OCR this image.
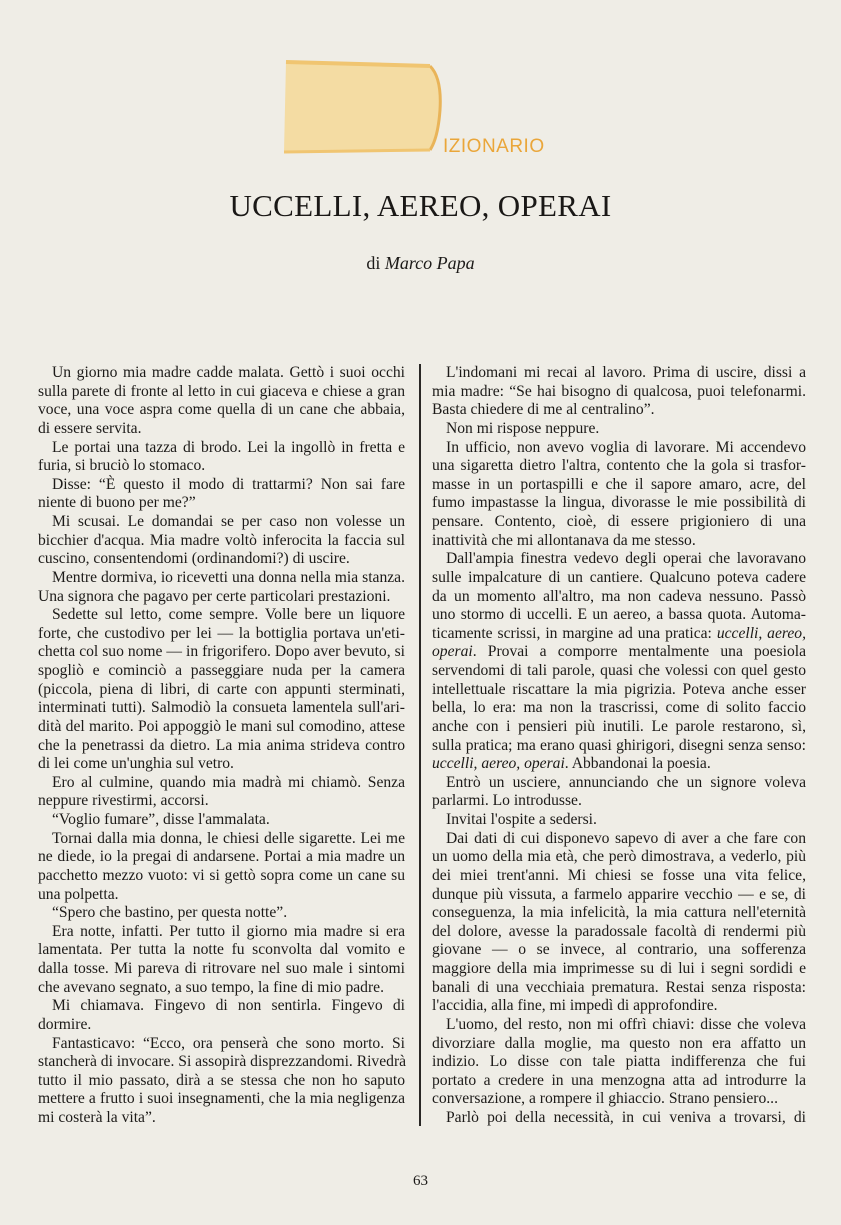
IZIONARIO
UCCELLI, AEREO, OPERAI
di Marco Papa
Un giorno mia madre cadde malata. Gettò i suoi occhi
sulla parete di fronte al letto in cui giaceva e chiese a gran
voce, una voce aspra come quella di un cane che abbaia,
di essere servita.
Le portai una tazza di brodo. Lei la ingollò in fretta e
furia, si bruciò lo stomaco.
Disse: “È questo il modo di trattarmi? Non sai fare
niente di buono per me?”
Mi scusai. Le domandai se per caso non volesse un
bicchier d'acqua. Mia madre voltò inferocita la faccia sul
cuscino, consentendomi (ordinandomi?) di uscire.
Mentre dormiva, io ricevetti una donna nella mia stanza.
Una signora che pagavo per certe particolari prestazioni.
Sedette sul letto, come sempre. Volle bere un liquore
forte, che custodivo per lei — la bottiglia portava un'eti-
chetta col suo nome — in frigorifero. Dopo aver bevuto, si
spogliò e cominciò a passeggiare nuda per la camera
(piccola, piena di libri, di carte con appunti sterminati,
interminati tutti). Salmodiò la consueta lamentela sull'ari-
dità del marito. Poi appoggiò le mani sul comodino, attese
che la penetrassi da dietro. La mia anima strideva contro
di lei come un'unghia sul vetro.
Ero al culmine, quando mia madrà mi chiamò. Senza
neppure rivestirmi, accorsi.
“Voglio fumare”, disse l'ammalata.
Tornai dalla mia donna, le chiesi delle sigarette. Lei me
ne diede, io la pregai di andarsene. Portai a mia madre un
pacchetto mezzo vuoto: vi si gettò sopra come un cane su
una polpetta.
“Spero che bastino, per questa notte”.
Era notte, infatti. Per tutto il giorno mia madre si era
lamentata. Per tutta la notte fu sconvolta dal vomito e
dalla tosse. Mi pareva di ritrovare nel suo male i sintomi
che avevano segnato, a suo tempo, la fine di mio padre.
Mi chiamava. Fingevo di non sentirla. Fingevo di
dormire.
Fantasticavo: “Ecco, ora penserà che sono morto. Si
stancherà di invocare. Si assopirà disprezzandomi. Rivedrà
tutto il mio passato, dirà a se stessa che non ho saputo
mettere a frutto i suoi insegnamenti, che la mia negligenza
mi costerà la vita”.
L'indomani mi recai al lavoro. Prima di uscire, dissi a
mia madre: “Se hai bisogno di qualcosa, puoi telefonarmi.
Basta chiedere di me al centralino”.
Non mi rispose neppure.
In ufficio, non avevo voglia di lavorare. Mi accendevo
una sigaretta dietro l'altra, contento che la gola si trasfor-
masse in un portaspilli e che il sapore amaro, acre, del
fumo impastasse la lingua, divorasse le mie possibilità di
pensare. Contento, cioè, di essere prigioniero di una
inattività che mi allontanava da me stesso.
Dall'ampia finestra vedevo degli operai che lavoravano
sulle impalcature di un cantiere. Qualcuno poteva cadere
da un momento all'altro, ma non cadeva nessuno. Passò
uno stormo di uccelli. E un aereo, a bassa quota. Automa-
ticamente scrissi, in margine ad una pratica: uccelli, aereo,
operai. Provai a comporre mentalmente una poesiola
servendomi di tali parole, quasi che volessi con quel gesto
intellettuale riscattare la mia pigrizia. Poteva anche esser
bella, lo era: ma non la trascrissi, come di solito faccio
anche con i pensieri più inutili. Le parole restarono, sì,
sulla pratica; ma erano quasi ghirigori, disegni senza senso:
uccelli, aereo, operai. Abbandonai la poesia.
Entrò un usciere, annunciando che un signore voleva
parlarmi. Lo introdusse.
Invitai l'ospite a sedersi.
Dai dati di cui disponevo sapevo di aver a che fare con
un uomo della mia età, che però dimostrava, a vederlo, più
dei miei trent'anni. Mi chiesi se fosse una vita felice,
dunque più vissuta, a farmelo apparire vecchio — e se, di
conseguenza, la mia infelicità, la mia cattura nell'eternità
del dolore, avesse la paradossale facoltà di rendermi più
giovane — o se invece, al contrario, una sofferenza
maggiore della mia imprimesse su di lui i segni sordidi e
banali di una vecchiaia prematura. Restai senza risposta:
l'accidia, alla fine, mi impedì di approfondire.
L'uomo, del resto, non mi offrì chiavi: disse che voleva
divorziare dalla moglie, ma questo non era affatto un
indizio. Lo disse con tale piatta indifferenza che fui
portato a credere in una menzogna atta ad introdurre la
conversazione, a rompere il ghiaccio. Strano pensiero...
Parlò poi della necessità, in cui veniva a trovarsi, di
63
